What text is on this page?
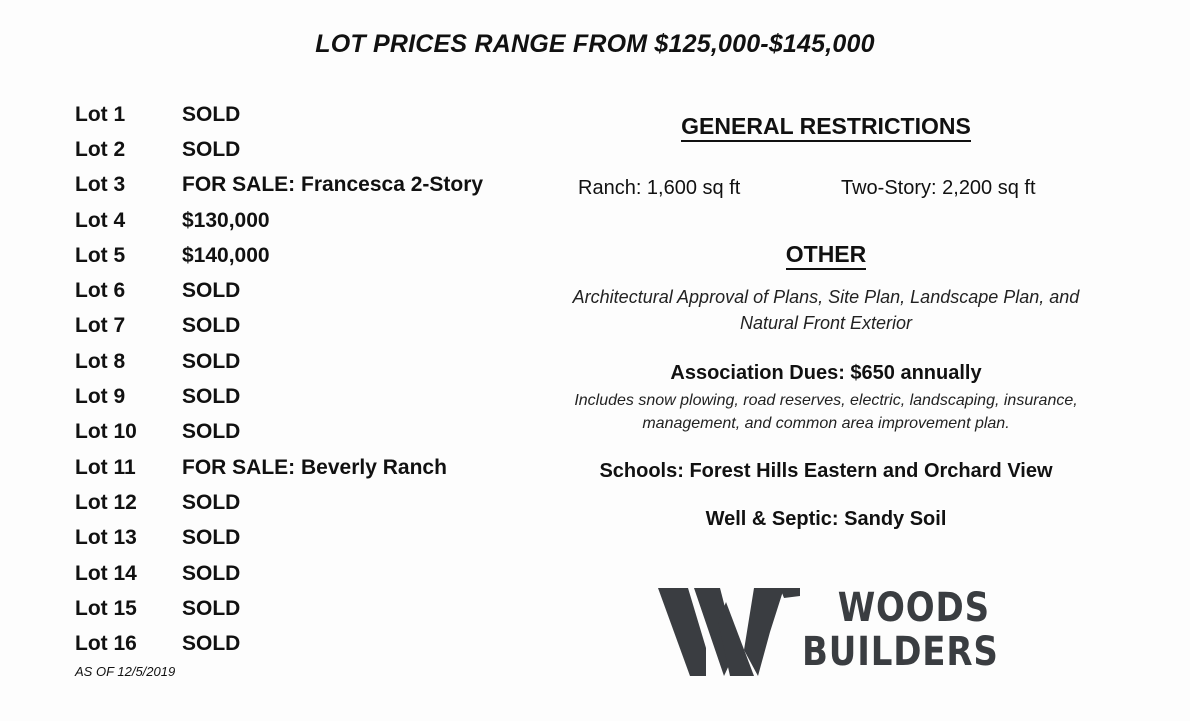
LOT PRICES RANGE FROM $125,000-$145,000
Lot 1	SOLD
Lot 2	SOLD
Lot 3	FOR SALE: Francesca 2-Story
Lot 4	$130,000
Lot 5	$140,000
Lot 6	SOLD
Lot 7	SOLD
Lot 8	SOLD
Lot 9	SOLD
Lot 10	SOLD
Lot 11	FOR SALE: Beverly Ranch
Lot 12	SOLD
Lot 13	SOLD
Lot 14	SOLD
Lot 15	SOLD
Lot 16	SOLD
AS OF 12/5/2019
GENERAL RESTRICTIONS
Ranch: 1,600 sq ft	Two-Story: 2,200 sq ft
OTHER
Architectural Approval of Plans, Site Plan, Landscape Plan, and Natural Front Exterior
Association Dues: $650 annually
Includes snow plowing, road reserves, electric, landscaping, insurance, management, and common area improvement plan.
Schools: Forest Hills Eastern and Orchard View
Well & Septic: Sandy Soil
WOODS
BUILDERS
